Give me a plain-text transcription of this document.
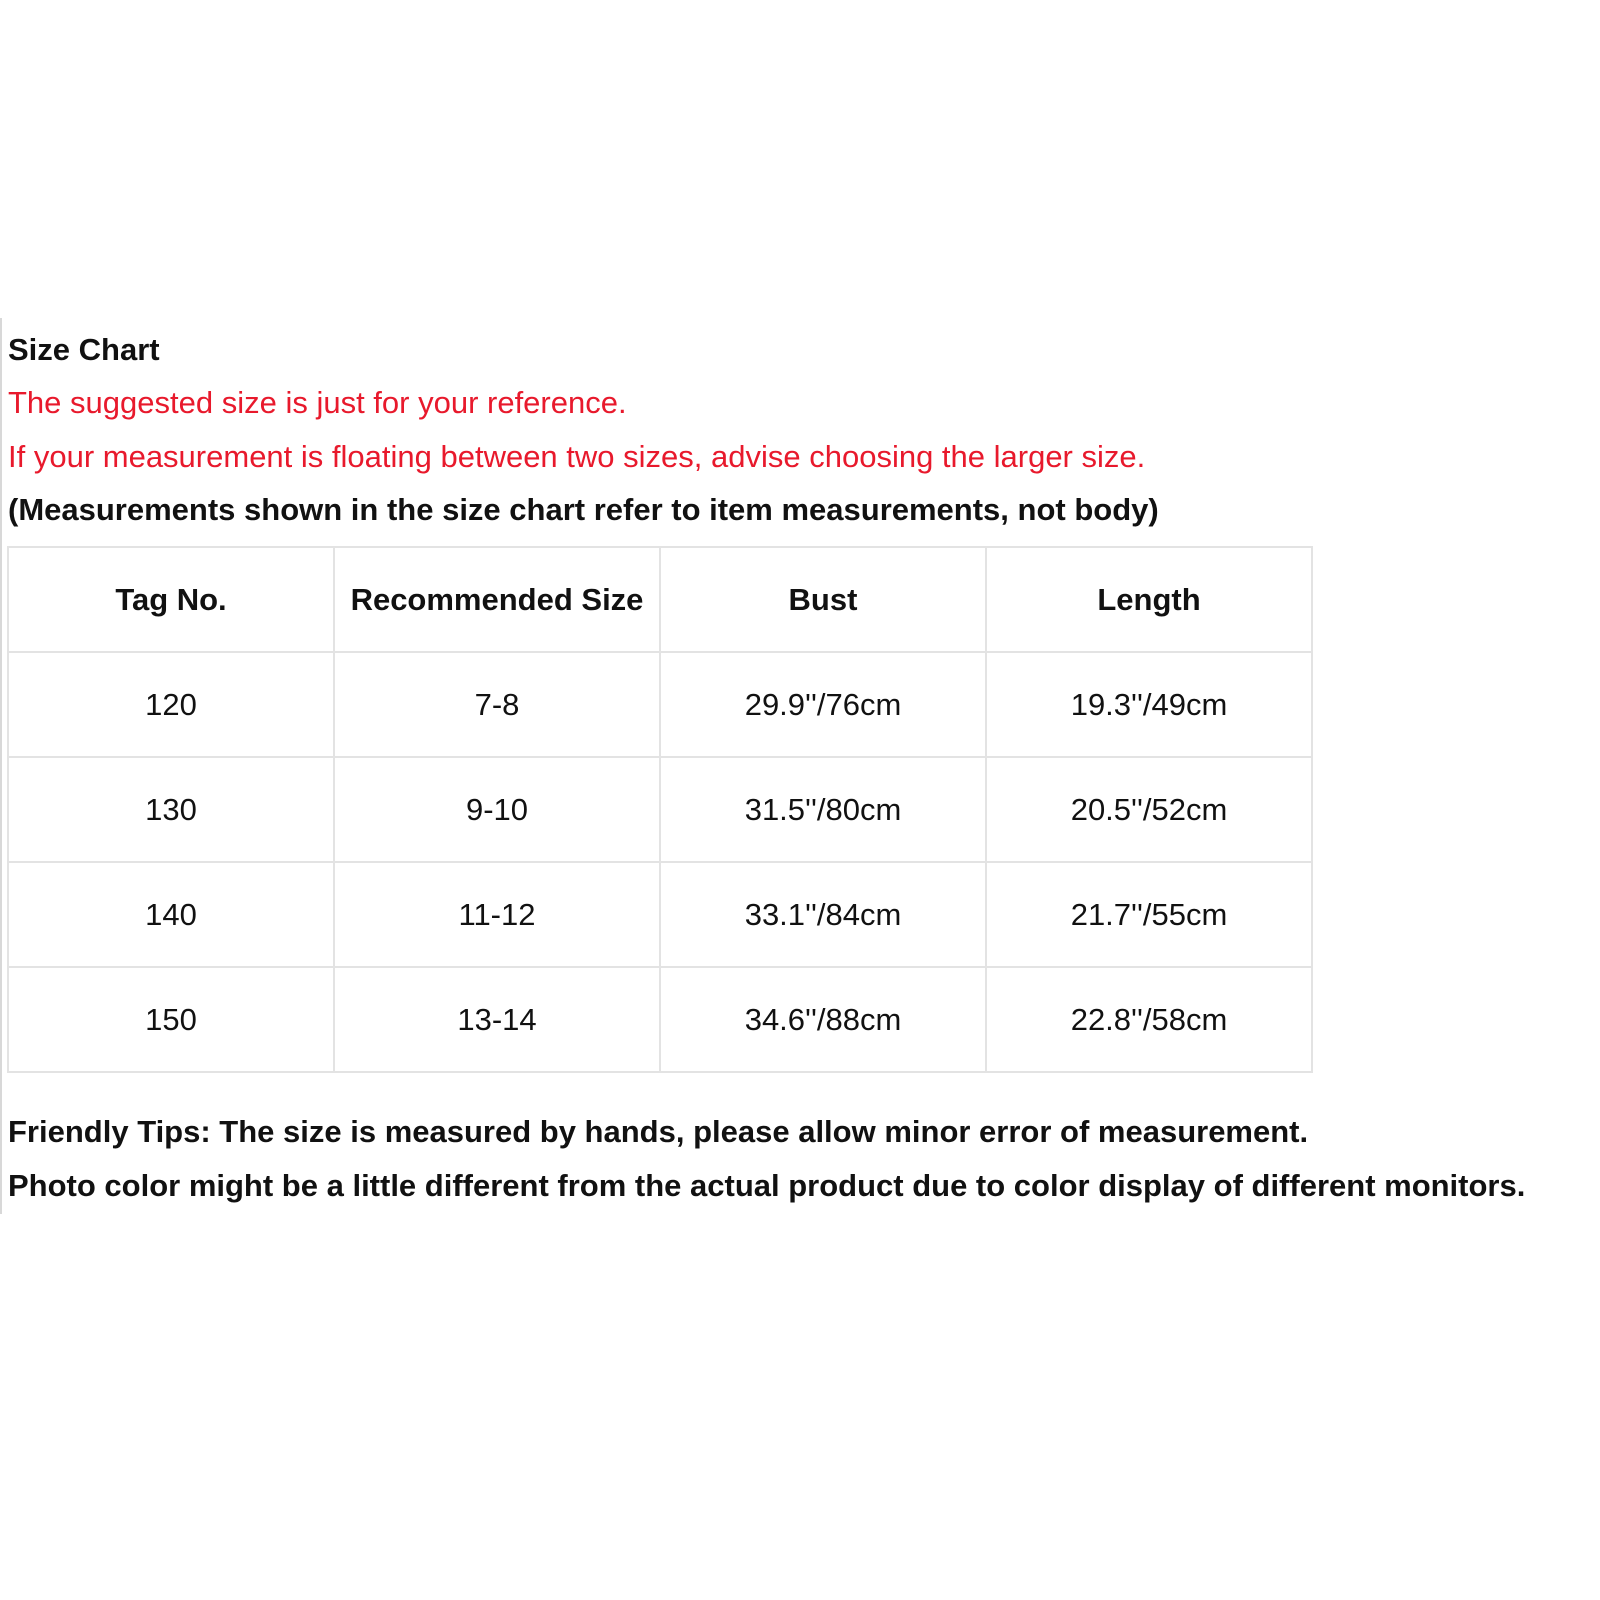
Size Chart
The suggested size is just for your reference.
If your measurement is floating between two sizes, advise choosing the larger size.
(Measurements shown in the size chart refer to item measurements, not body)
Tag No.	Recommended Size	Bust	Length
120	7-8	29.9''/76cm	19.3''/49cm
130	9-10	31.5''/80cm	20.5''/52cm
140	11-12	33.1''/84cm	21.7''/55cm
150	13-14	34.6''/88cm	22.8''/58cm
Friendly Tips: The size is measured by hands, please allow minor error of measurement.
Photo color might be a little different from the actual product due to color display of different monitors.
